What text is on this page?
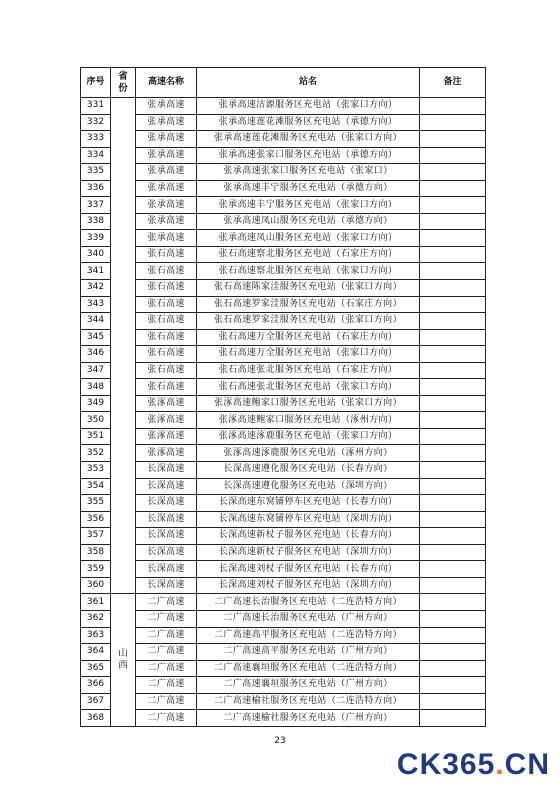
序号	省份	高速名称	站名	备注
331		张承高速	张承高速沽源服务区充电站（张家口方向）	
332		张承高速	张承高速莲花滩服务区充电站（承德方向）	
333		张承高速	张承高速莲花滩服务区充电站（张家口方向）	
334		张承高速	张承高速张家口服务区充电站（承德方向）	
335		张承高速	张承高速张家口服务区充电站（张家口）	
336		张承高速	张承高速丰宁服务区充电站（承德方向）	
337		张承高速	张承高速丰宁服务区充电站（张家口方向）	
338		张承高速	张承高速凤山服务区充电站（承德方向）	
339		张承高速	张承高速凤山服务区充电站（张家口方向）	
340		张石高速	张石高速察北服务区充电站（石家庄方向）	
341		张石高速	张石高速察北服务区充电站（张家口方向）	
342		张石高速	张石高速陈家洼服务区充电站（张家口方向）	
343		张石高速	张石高速罗家洼服务区充电站（石家庄方向）	
344		张石高速	张石高速罗家洼服务区充电站（张家口方向）	
345		张石高速	张石高速万全服务区充电站（石家庄方向）	
346		张石高速	张石高速万全服务区充电站（张家口方向）	
347		张石高速	张石高速张北服务区充电站（石家庄方向）	
348		张石高速	张石高速张北服务区充电站（张家口方向）	
349		张涿高速	张涿高速鲍家口服务区充电站（张家口方向）	
350		张涿高速	张涿高速鲍家口服务区充电站（涿州方向）	
351		张涿高速	张涿高速涿鹿服务区充电站（张家口方向）	
352		张涿高速	张涿高速涿鹿服务区充电站（涿州方向）	
353		长深高速	长深高速遵化服务区充电站（长春方向）	
354		长深高速	长深高速遵化服务区充电站（深圳方向）	
355		长深高速	长深高速东窝铺停车区充电站（长春方向）	
356		长深高速	长深高速东窝铺停车区充电站（深圳方向）	
357		长深高速	长深高速新杖子服务区充电站（长春方向）	
358		长深高速	长深高速新杖子服务区充电站（深圳方向）	
359		长深高速	长深高速刘杖子服务区充电站（长春方向）	
360		长深高速	长深高速刘杖子服务区充电站（深圳方向）	
361	山西	二广高速	二广高速长治服务区充电站（二连浩特方向）	
362		二广高速	二广高速长治服务区充电站（广州方向）	
363		二广高速	二广高速高平服务区充电站（二连浩特方向）	
364		二广高速	二广高速高平服务区充电站（广州方向）	
365		二广高速	二广高速襄垣服务区充电站（二连浩特方向）	
366		二广高速	二广高速襄垣服务区充电站（广州方向）	
367		二广高速	二广高速榆社服务区充电站（二连浩特方向）	
368		二广高速	二广高速榆社服务区充电站（广州方向）	
23
CK365.CN
